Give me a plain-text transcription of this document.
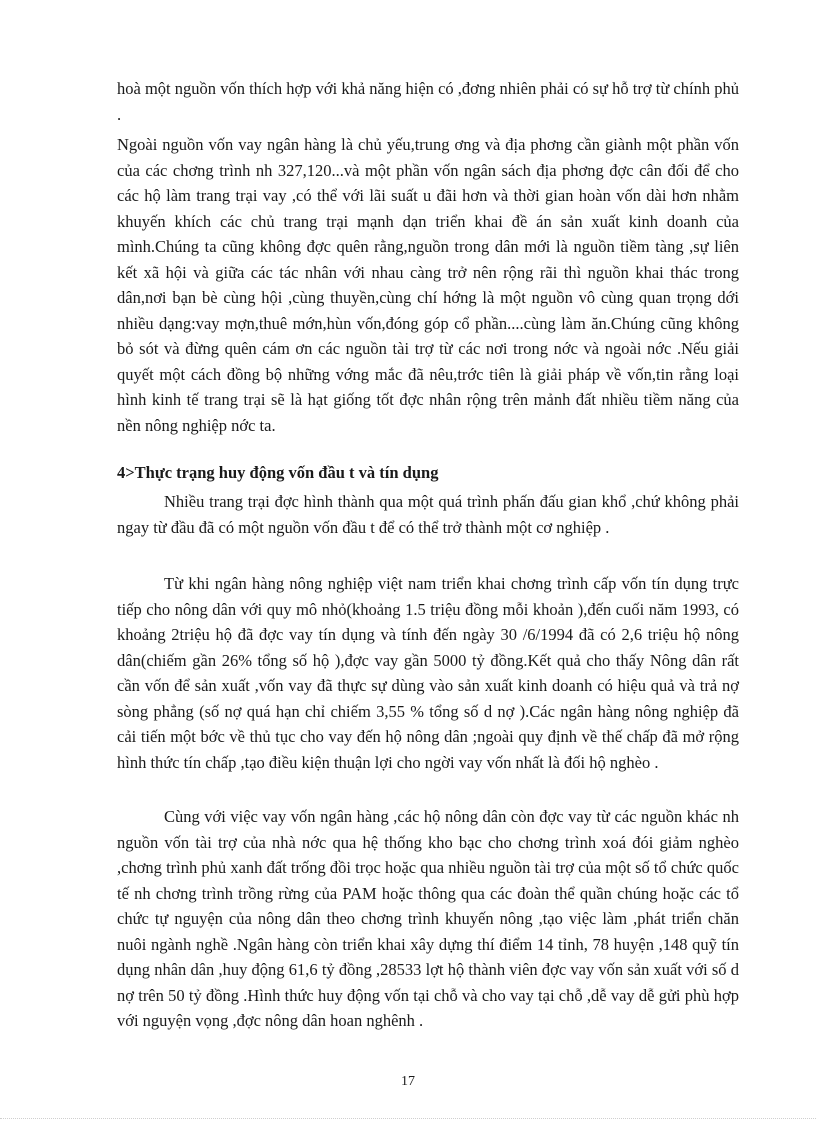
hoà một nguồn vốn thích hợp với khả năng hiện có ,đơng nhiên phải có sự hỗ trợ từ chính phủ .

Ngoài nguồn vốn vay ngân hàng là chủ yếu,trung ơng và địa phơng cần giành một phần vốn của các chơng trình nh 327,120...và một phần vốn ngân sách địa phơng đợc cân đối để cho các hộ làm trang trại vay ,có thể với lãi suất u đãi hơn và thời gian hoàn vốn dài hơn nhằm khuyến khích các chủ trang trại mạnh dạn triển khai đề án sản xuất kinh doanh của mình.Chúng ta cũng không đợc quên rằng,nguồn trong dân mới là nguồn tiềm tàng ,sự liên kết xã hội và giữa các tác nhân với nhau càng trở nên rộng rãi thì nguồn khai thác trong dân,nơi bạn bè cùng hội ,cùng thuyền,cùng chí hớng là một nguồn vô cùng quan trọng dới nhiều dạng:vay mợn,thuê mớn,hùn vốn,đóng góp cổ phần....cùng làm ăn.Chúng cũng không bỏ sót và đừng quên cám ơn các nguồn tài trợ từ các nơi trong nớc và ngoài nớc .Nếu giải quyết một cách đồng bộ những vớng mắc đã nêu,trớc tiên là giải pháp về vốn,tin rằng loại hình kinh tế trang trại sẽ là hạt giống tốt đợc nhân rộng trên mảnh đất nhiều tiềm năng của nền nông nghiệp nớc ta.

4>Thực trạng huy động vốn đầu t và tín dụng

Nhiều trang trại đợc hình thành qua một quá trình phấn đấu gian khổ ,chứ không phải ngay từ đầu đã có một nguồn vốn đầu t để có thể trở thành một cơ nghiệp .

Từ khi ngân hàng nông nghiệp việt nam triển khai chơng trình cấp vốn tín dụng trực tiếp cho nông dân với quy mô nhỏ(khoảng 1.5 triệu đồng mỗi khoản ),đến cuối năm 1993, có khoảng 2triệu hộ đã đợc vay tín dụng và tính đến ngày 30 /6/1994 đã có 2,6 triệu hộ nông dân(chiếm gần 26% tổng số hộ ),đợc vay gần 5000 tỷ đồng.Kết quả cho thấy Nông dân rất cần vốn để sản xuất ,vốn vay đã thực sự dùng vào sản xuất kinh doanh có hiệu quả và trả nợ sòng phẳng (số nợ quá hạn chỉ chiếm 3,55 % tổng số d nợ ).Các ngân hàng nông nghiệp đã cải tiến một bớc về thủ tục cho vay đến hộ nông dân ;ngoài quy định về thế chấp đã mở rộng hình thức tín chấp ,tạo điều kiện thuận lợi cho ngời vay vốn nhất là đối hộ nghèo .

Cùng với việc vay vốn ngân hàng ,các hộ nông dân còn đợc vay từ các nguồn khác nh nguồn vốn tài trợ của nhà nớc qua hệ thống kho bạc cho chơng trình xoá đói giảm nghèo ,chơng trình phủ xanh đất trống đồi trọc hoặc qua nhiều nguồn tài trợ của một số tổ chức quốc tế nh chơng trình trồng rừng của PAM hoặc thông qua các đoàn thể quần chúng hoặc các tổ chức tự nguyện của nông dân theo chơng trình khuyến nông ,tạo việc làm ,phát triển chăn nuôi ngành nghề .Ngân hàng còn triển khai xây dựng thí điểm 14 tỉnh, 78 huyện ,148 quỹ tín dụng nhân dân ,huy động 61,6 tỷ đồng ,28533 lợt hộ thành viên đợc vay vốn sản xuất với số d nợ trên 50 tỷ đồng .Hình thức huy động vốn tại chỗ và cho vay tại chỗ ,dễ vay dễ gửi phù hợp với nguyện vọng ,đợc nông dân hoan nghênh .

17
